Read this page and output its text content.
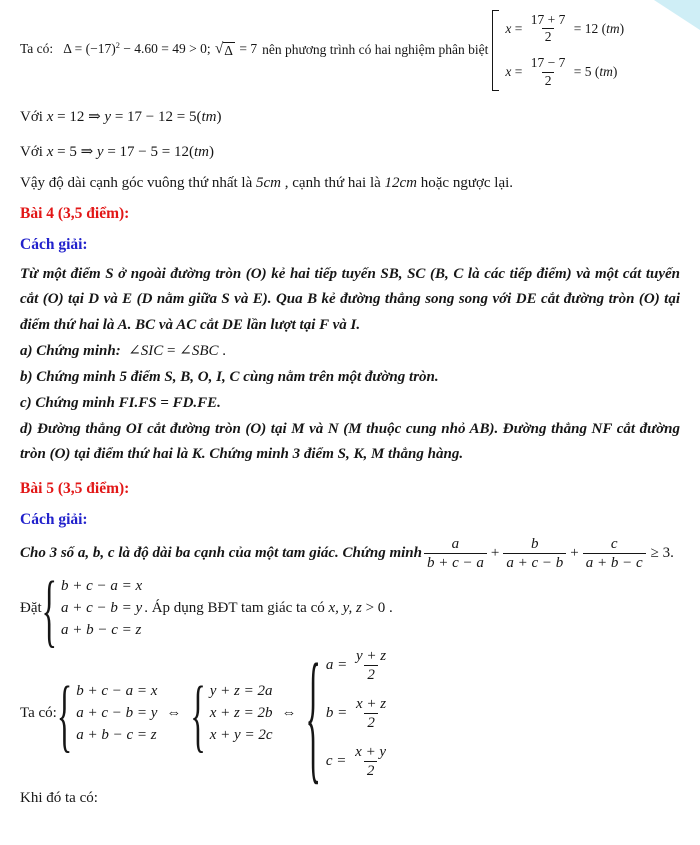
Ta có:   $\Delta = (-17)^2 - 4.60 = 49 > 0$; √ Δ = 7 nên phương trình có hai nghiệm phân biệt
$x = \frac{17 + 7}{2} = 12$ (tm)
$x = \frac{17 - 7}{2} = 5$ (tm)
Với x = 12 ⇒ y = 17 − 12 = 5(tm)
Với x = 5 ⇒ y = 17 − 5 = 12(tm)
Vậy độ dài cạnh góc vuông thứ nhất là 5cm , cạnh thứ hai là 12cm hoặc ngược lại.
Bài 4 (3,5 điểm):
Cách giải:
Từ một điểm S ở ngoài đường tròn (O) kẻ hai tiếp tuyến SB, SC (B, C là các tiếp điểm) và một cát tuyến cắt (O) tại D và E (D nằm giữa S và E). Qua B kẻ đường thẳng song song với DE cắt đường tròn (O) tại điểm thứ hai là A. BC và AC cắt DE lần lượt tại F và I.
a) Chứng minh:  ∠SIC = ∠SBC .
b) Chứng minh 5 điểm S, B, O, I, C cùng nằm trên một đường tròn.
c) Chứng minh FI.FS = FD.FE.
d) Đường thẳng OI cắt đường tròn (O) tại M và N (M thuộc cung nhỏ AB). Đường thẳng NF cắt đường tròn (O) tại điểm thứ hai là K. Chứng minh 3 điểm S, K, M thẳng hàng.
Bài 5 (3,5 điểm):
Cách giải:
Cho 3 số a, b, c là độ dài ba cạnh của một tam giác. Chứng minh $\frac{a}{b + c - a} + \frac{b}{a + c - b} + \frac{c}{a + b - c} \ge 3$.
Đặt { b + c − a = x
a + c − b = y
a + b − c = z
. Áp dụng BĐT tam giác ta có x, y, z > 0 .
Ta có: { b + c − a = x
a + c − b = y
a + b − c = z
⇔ { y + z = 2a
x + z = 2b
x + y = 2c
⇔ { $a = \frac{y + z}{2}$
$b = \frac{x + z}{2}$
$c = \frac{x + y}{2}$
Khi đó ta có:
